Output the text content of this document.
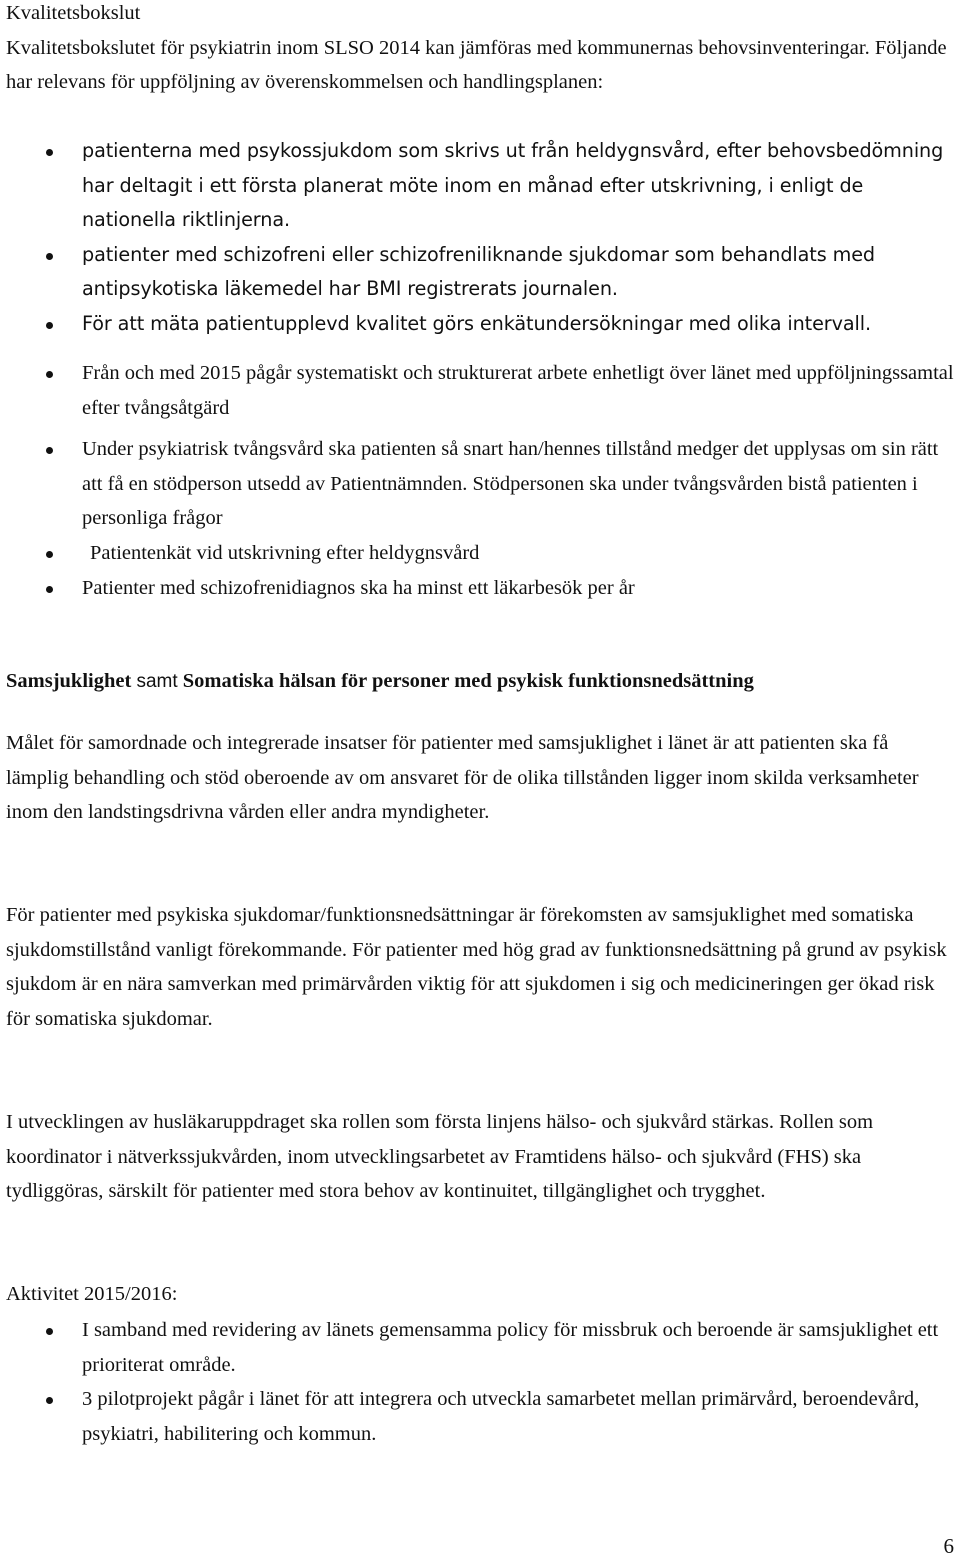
Kvalitetsbokslut
Kvalitetsbokslutet för psykiatrin inom SLSO 2014 kan jämföras med kommunernas behovsinventeringar. Följande har relevans för uppföljning av överenskommelsen och handlingsplanen:
patienterna med psykossjukdom som skrivs ut från heldygnsvård, efter behovsbedömning har deltagit i ett första planerat möte inom en månad efter utskrivning, i enligt de nationella riktlinjerna.
patienter med schizofreni eller schizofreniliknande sjukdomar som behandlats med antipsykotiska läkemedel har BMI registrerats journalen.
För att mäta patientupplevd kvalitet görs enkätundersökningar med olika intervall.
Från och med 2015 pågår systematiskt och strukturerat arbete enhetligt över länet med uppföljningssamtal efter tvångsåtgärd
Under psykiatrisk tvångsvård ska patienten så snart han/hennes tillstånd medger det upplysas om sin rätt att få en stödperson utsedd av Patientnämnden. Stödpersonen ska under tvångsvården bistå patienten i personliga frågor
Patientenkät vid utskrivning efter heldygnsvård
Patienter med schizofrenidiagnos ska ha minst ett läkarbesök per år
Samsjuklighet samt Somatiska hälsan för personer med psykisk funktionsnedsättning
Målet för samordnade och integrerade insatser för patienter med samsjuklighet i länet är att patienten ska få lämplig behandling och stöd oberoende av om ansvaret för de olika tillstånden ligger inom skilda verksamheter inom den landstingsdrivna vården eller andra myndigheter.
För patienter med psykiska sjukdomar/funktionsnedsättningar är förekomsten av samsjuklighet med somatiska sjukdomstillstånd vanligt förekommande. För patienter med hög grad av funktionsnedsättning på grund av psykisk sjukdom är en nära samverkan med primärvården viktig för att sjukdomen i sig och medicineringen ger ökad risk för somatiska sjukdomar.
I utvecklingen av husläkaruppdraget ska rollen som första linjens hälso- och sjukvård stärkas. Rollen som koordinator i nätverkssjukvården, inom utvecklingsarbetet av Framtidens hälso- och sjukvård (FHS) ska tydliggöras, särskilt för patienter med stora behov av kontinuitet, tillgänglighet och trygghet.
Aktivitet 2015/2016:
I samband med revidering av länets gemensamma policy för missbruk och beroende är samsjuklighet ett prioriterat område.
3 pilotprojekt pågår i länet för att integrera och utveckla samarbetet mellan primärvård, beroendevård, psykiatri, habilitering och kommun.
6
